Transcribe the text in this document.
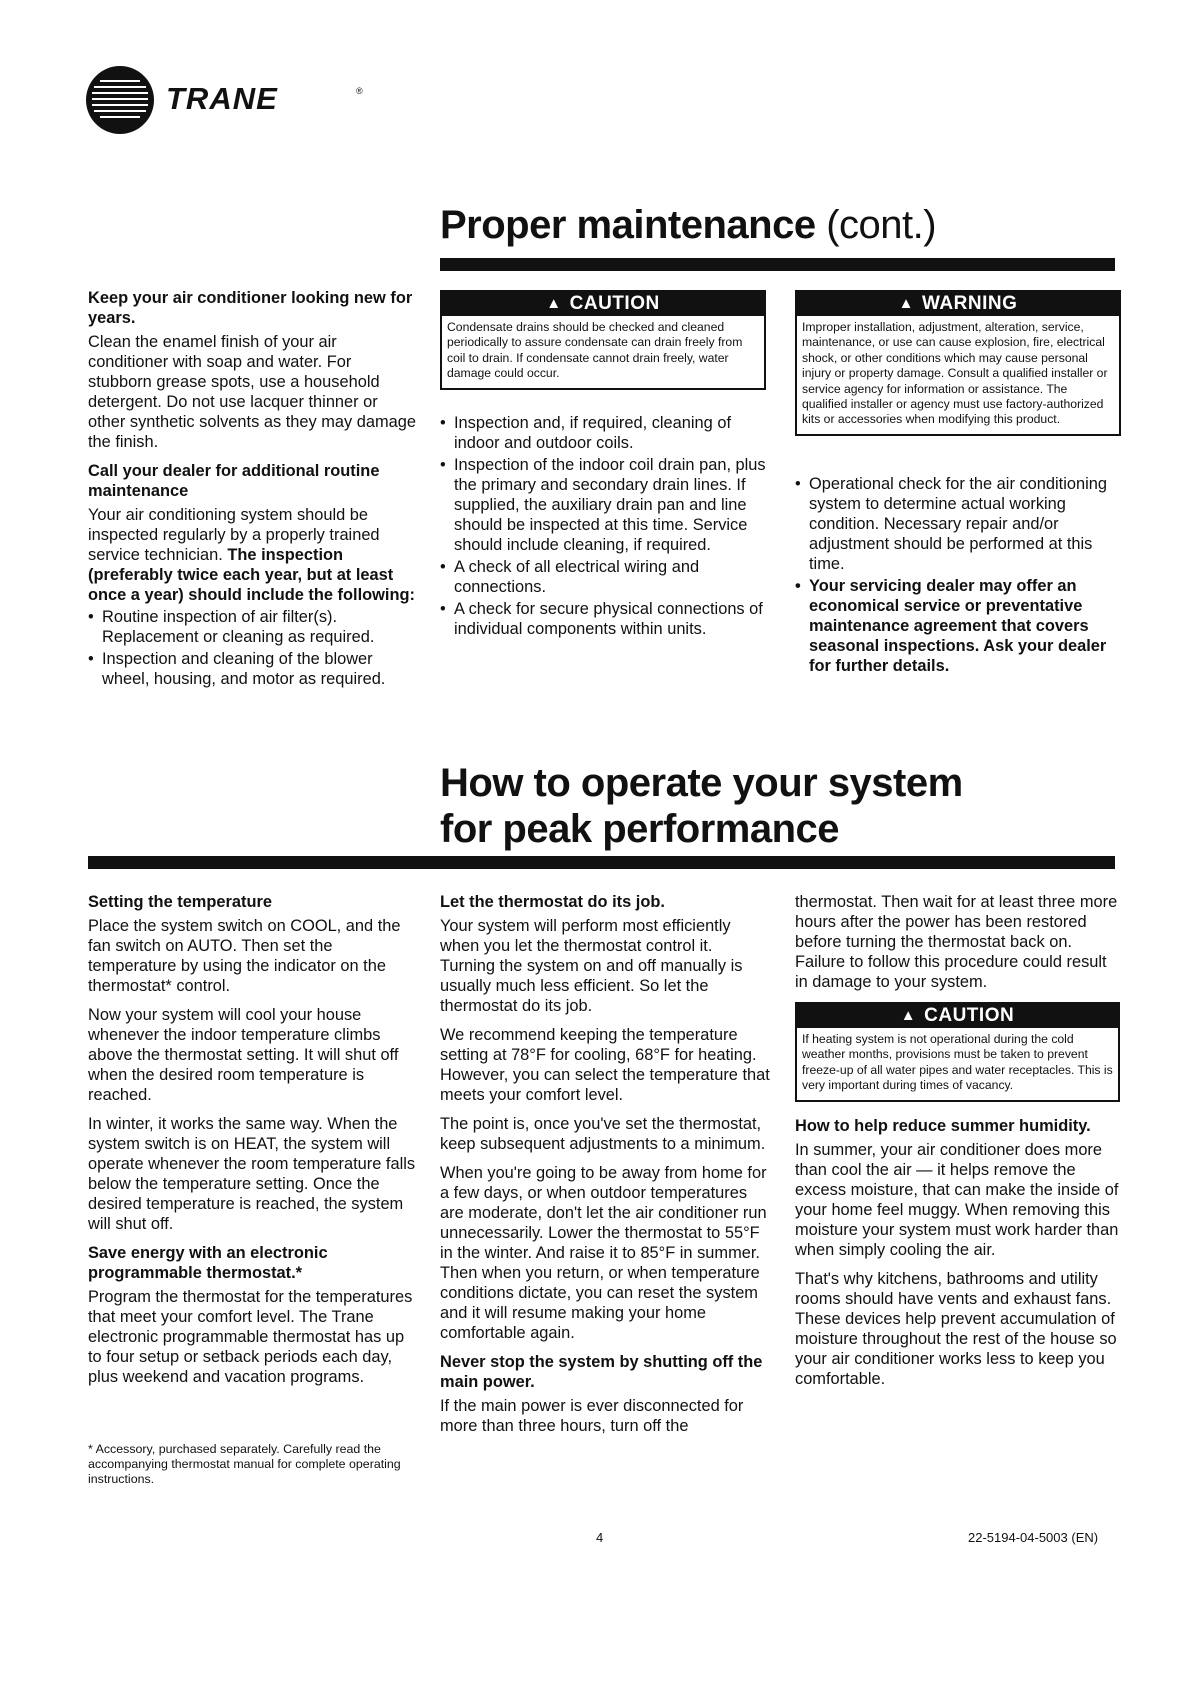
TRANE	®
Proper maintenance (cont.)

Keep your air conditioner looking new for years.

Clean the enamel finish of your air conditioner with soap and water. For stubborn grease spots, use a household detergent. Do not use lacquer thinner or other synthetic solvents as they may damage the finish.

Call your dealer for additional routine maintenance

Your air conditioning system should be inspected regularly by a properly trained service technician. The inspection (preferably twice each year, but at least once a year) should include the following:

• Routine inspection of air filter(s). Replacement or cleaning as required.
• Inspection and cleaning of the blower wheel, housing, and motor as required.
▲ CAUTION
Condensate drains should be checked and cleaned periodically to assure condensate can drain freely from coil to drain. If condensate cannot drain freely, water damage could occur.
• Inspection and, if required, cleaning of indoor and outdoor coils.
• Inspection of the indoor coil drain pan, plus the primary and secondary drain lines. If supplied, the auxiliary drain pan and line should be inspected at this time. Service should include cleaning, if required.
• A check of all electrical wiring and connections.
• A check for secure physical connections of individual components within units.
▲ WARNING
Improper installation, adjustment, alteration, service, maintenance, or use can cause explosion, fire, electrical shock, or other conditions which may cause personal injury or property damage. Consult a qualified installer or service agency for information or assistance. The qualified installer or agency must use factory-authorized kits or accessories when modifying this product.
• Operational check for the air conditioning system to determine actual working condition. Necessary repair and/or adjustment should be performed at this time.
• Your servicing dealer may offer an economical service or preventative maintenance agreement that covers seasonal inspections. Ask your dealer for further details.
How to operate your system
for peak performance

Setting the temperature

Place the system switch on COOL, and the fan switch on AUTO. Then set the temperature by using the indicator on the thermostat* control.

Now your system will cool your house whenever the indoor temperature climbs above the thermostat setting. It will shut off when the desired room temperature is reached.

In winter, it works the same way. When the system switch is on HEAT, the system will operate whenever the room temperature falls below the temperature setting. Once the desired temperature is reached, the system will shut off.

Save energy with an electronic programmable thermostat.*

Program the thermostat for the temperatures that meet your comfort level. The Trane electronic programmable thermostat has up to four setup or setback periods each day, plus weekend and vacation programs.

* Accessory, purchased separately. Carefully read the accompanying thermostat manual for complete operating instructions.

Let the thermostat do its job.

Your system will perform most efficiently when you let the thermostat control it. Turning the system on and off manually is usually much less efficient. So let the thermostat do its job.

We recommend keeping the temperature setting at 78°F for cooling, 68°F for heating. However, you can select the temperature that meets your comfort level.

The point is, once you've set the thermostat, keep subsequent adjustments to a minimum.

When you're going to be away from home for a few days, or when outdoor temperatures are moderate, don't let the air conditioner run unnecessarily. Lower the thermostat to 55°F in the winter. And raise it to 85°F in summer. Then when you return, or when temperature conditions dictate, you can reset the system and it will resume making your home comfortable again.

Never stop the system by shutting off the main power.

If the main power is ever disconnected for more than three hours, turn off the

thermostat. Then wait for at least three more hours after the power has been restored before turning the thermostat back on. Failure to follow this procedure could result in damage to your system.

▲ CAUTION
If heating system is not operational during the cold weather months, provisions must be taken to prevent freeze-up of all water pipes and water receptacles. This is very important during times of vacancy.

How to help reduce summer humidity.

In summer, your air conditioner does more than cool the air — it helps remove the excess moisture, that can make the inside of your home feel muggy. When removing this moisture your system must work harder than when simply cooling the air.

That's why kitchens, bathrooms and utility rooms should have vents and exhaust fans. These devices help prevent accumulation of moisture throughout the rest of the house so your air conditioner works less to keep you comfortable.

4	22-5194-04-5003 (EN)
